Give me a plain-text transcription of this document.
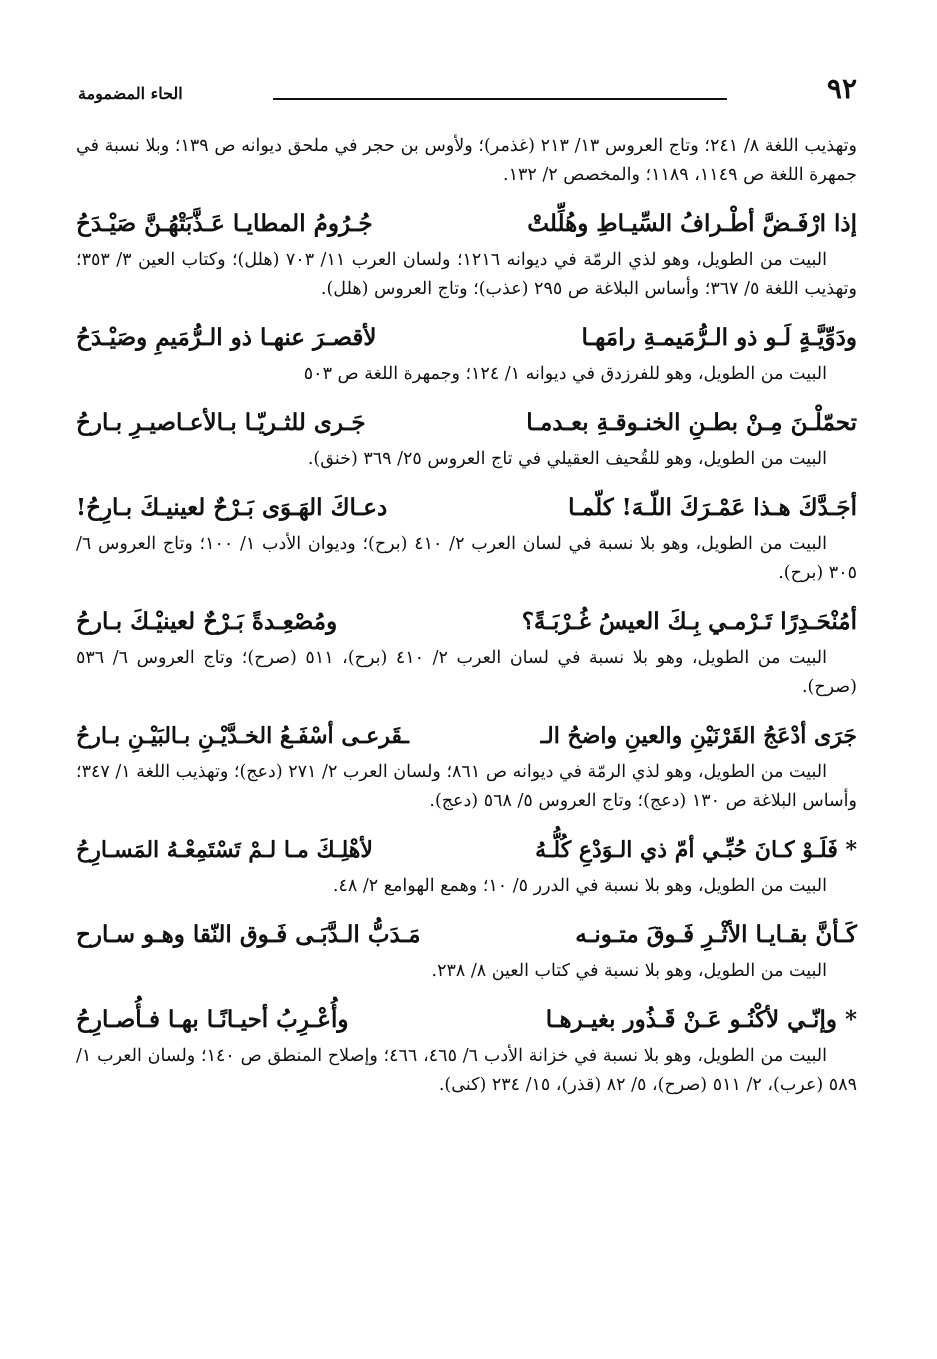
٩٢
الحاء المضمومة

وتهذيب اللغة ٨/ ٢٤١؛ وتاج العروس ١٣/ ٢١٣ (غذمر)؛ ولأوس بن حجر في ملحق ديوانه ص ١٣٩؛ وبلا نسبة في جمهرة اللغة ص ١١٤٩، ١١٨٩؛ والمخصص ٢/ ١٣٢.

إذا ارْفَـضَّ أطْـرافُ السِّيـاطِ وهُلِّلتْ
جُـرُومُ المطايـا عَـذَّبَتْهُـنَّ صَيْـدَحُ

البيت من الطويل، وهو لذي الرمّة في ديوانه ١٢١٦؛ ولسان العرب ١١/ ٧٠٣ (هلل)؛ وكتاب العين ٣/ ٣٥٣؛ وتهذيب اللغة ٥/ ٣٦٧؛ وأساس البلاغة ص ٢٩٥ (عذب)؛ وتاج العروس (هلل).

ودَوِّيَّـةٍ لَـو ذو الـرُّمَيمـةِ رامَهـا
لأقصـرَ عنهـا ذو الـرُّمَيمِ وصَيْـدَحُ

البيت من الطويل، وهو للفرزدق في ديوانه ١/ ١٢٤؛ وجمهرة اللغة ص ٥٠٣

تحمّلْـنَ مِـنْ بطـنِ الخنـوقـةِ بعـدمـا
جَـرى للثـريّـا بـالأعـاصيـرِ بـارحُ

البيت من الطويل، وهو للقُحيف العقيلي في تاج العروس ٢٥/ ٣٦٩ (خنق).

أجَـدَّكَ هـذا عَمْـرَكَ اللّـهَ! كلّمـا
دعـاكَ الهَـوَى بَـرْحٌ لعينيـكَ بـارِحُ!

البيت من الطويل، وهو بلا نسبة في لسان العرب ٢/ ٤١٠ (برح)؛ وديوان الأدب ١/ ١٠٠؛ وتاج العروس ٦/ ٣٠٥ (برح).

أمُنْحَـدِرًا تَـرْمـي بِـكَ العيسُ غُـرْبَـةً؟
ومُصْعِـدةً بَـرْحٌ لعينيْـكَ بـارحُ

البيت من الطويل، وهو بلا نسبة في لسان العرب ٢/ ٤١٠ (برح)، ٥١١ (صرح)؛ وتاج العروس ٦/ ٥٣٦ (صرح).

جَرَى أدْعَجُ القَرْنَيْنِ والعينِ واضحُ الـ
ـقَرعـى أسْفَـعُ الخـدَّيْـنِ بـالبَيْـنِ بـارحُ

البيت من الطويل، وهو لذي الرمّة في ديوانه ص ٨٦١؛ ولسان العرب ٢/ ٢٧١ (دعج)؛ وتهذيب اللغة ١/ ٣٤٧؛ وأساس البلاغة ص ١٣٠ (دعج)؛ وتاج العروس ٥/ ٥٦٨ (دعج).

* فَلَـوْ كـانَ حُبِّـي أمّ ذي الـوَدْعِ كُلُّـهُ
لأهْلِـكَ مـا لـمْ تَسْتَمِعْـهُ المَسـارِحُ

البيت من الطويل، وهو بلا نسبة في الدرر ٥/ ١٠؛ وهمع الهوامع ٢/ ٤٨.

كَـأنَّ بقـايـا الأثْـرِ فَـوقَ متـونـه
مَـدَبُّ الـدَّبَـى فَـوق النّقا وهـو سـارح

البيت من الطويل، وهو بلا نسبة في كتاب العين ٨/ ٢٣٨.

* وإنّـي لأكْنُـو عَـنْ قَـذُور بغيـرهـا
وأُعْـرِبُ أحيـانًـا بهـا فـأُصـارِحُ

البيت من الطويل، وهو بلا نسبة في خزانة الأدب ٦/ ٤٦٥، ٤٦٦؛ وإصلاح المنطق ص ١٤٠؛ ولسان العرب ١/ ٥٨٩ (عرب)، ٢/ ٥١١ (صرح)، ٥/ ٨٢ (قذر)، ١٥/ ٢٣٤ (كنى).
